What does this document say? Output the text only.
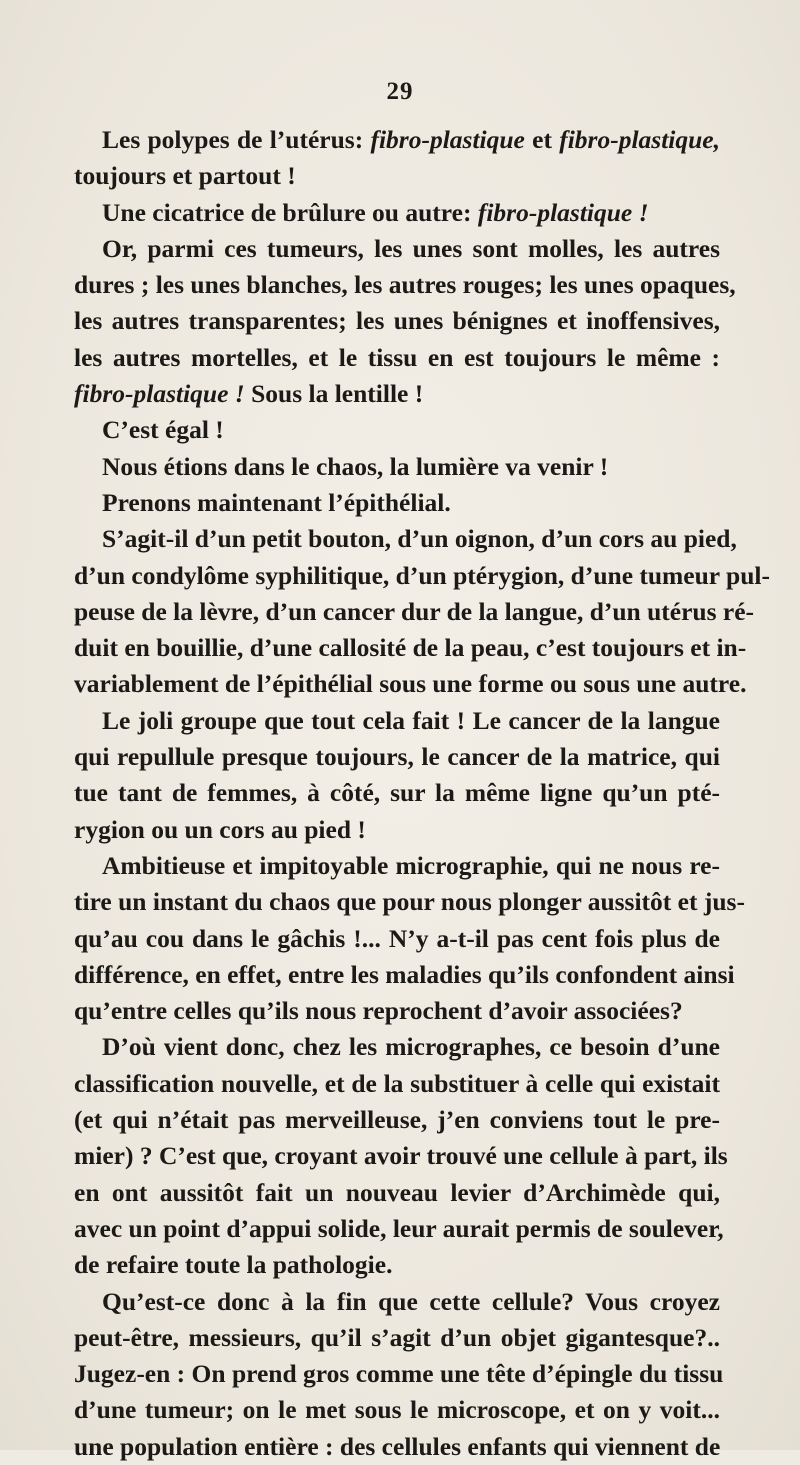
29
Les polypes de l’utérus: fibro-plastique et fibro-plastique,
toujours et partout !
Une cicatrice de brûlure ou autre: fibro-plastique !
Or, parmi ces tumeurs, les unes sont molles, les autres
dures ; les unes blanches, les autres rouges; les unes opaques,
les autres transparentes; les unes bénignes et inoffensives,
les autres mortelles, et le tissu en est toujours le même :
fibro-plastique ! Sous la lentille !
C’est égal !
Nous étions dans le chaos, la lumière va venir !
Prenons maintenant l’épithélial.
S’agit-il d’un petit bouton, d’un oignon, d’un cors au pied,
d’un condylôme syphilitique, d’un ptérygion, d’une tumeur pul-
peuse de la lèvre, d’un cancer dur de la langue, d’un utérus ré-
duit en bouillie, d’une callosité de la peau, c’est toujours et in-
variablement de l’épithélial sous une forme ou sous une autre.
Le joli groupe que tout cela fait ! Le cancer de la langue
qui repullule presque toujours, le cancer de la matrice, qui
tue tant de femmes, à côté, sur la même ligne qu’un pté-
rygion ou un cors au pied !
Ambitieuse et impitoyable micrographie, qui ne nous re-
tire un instant du chaos que pour nous plonger aussitôt et jus-
qu’au cou dans le gâchis !... N’y a-t-il pas cent fois plus de
différence, en effet, entre les maladies qu’ils confondent ainsi
qu’entre celles qu’ils nous reprochent d’avoir associées?
D’où vient donc, chez les micrographes, ce besoin d’une
classification nouvelle, et de la substituer à celle qui existait
(et qui n’était pas merveilleuse, j’en conviens tout le pre-
mier) ? C’est que, croyant avoir trouvé une cellule à part, ils
en ont aussitôt fait un nouveau levier d’Archimède qui,
avec un point d’appui solide, leur aurait permis de soulever,
de refaire toute la pathologie.
Qu’est-ce donc à la fin que cette cellule? Vous croyez
peut-être, messieurs, qu’il s’agit d’un objet gigantesque?..
Jugez-en : On prend gros comme une tête d’épingle du tissu
d’une tumeur; on le met sous le microscope, et on y voit...
une population entière : des cellules enfants qui viennent de
